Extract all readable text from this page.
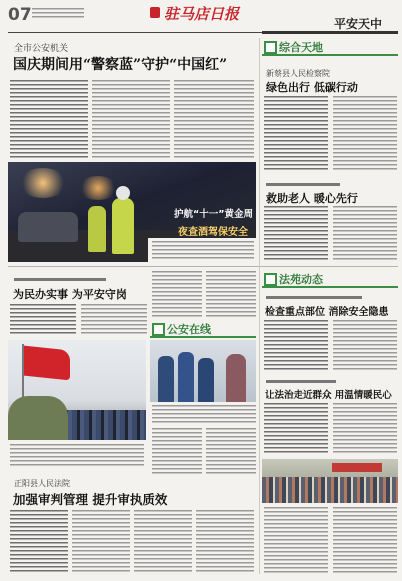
07	驻马店日报
平安天中
全市公安机关
国庆期间用“警察蓝”守护“中国红”
护航“十一”黄金周
夜查酒驾保安全
综合天地
新蔡县人民检察院
绿色出行 低碳行动
救助老人 暖心先行
为民办实事 为平安守岗
公安在线
正阳县人民法院
加强审判管理 提升审执质效
法苑动态
检查重点部位 消除安全隐患
让法治走近群众 用温情暖民心
